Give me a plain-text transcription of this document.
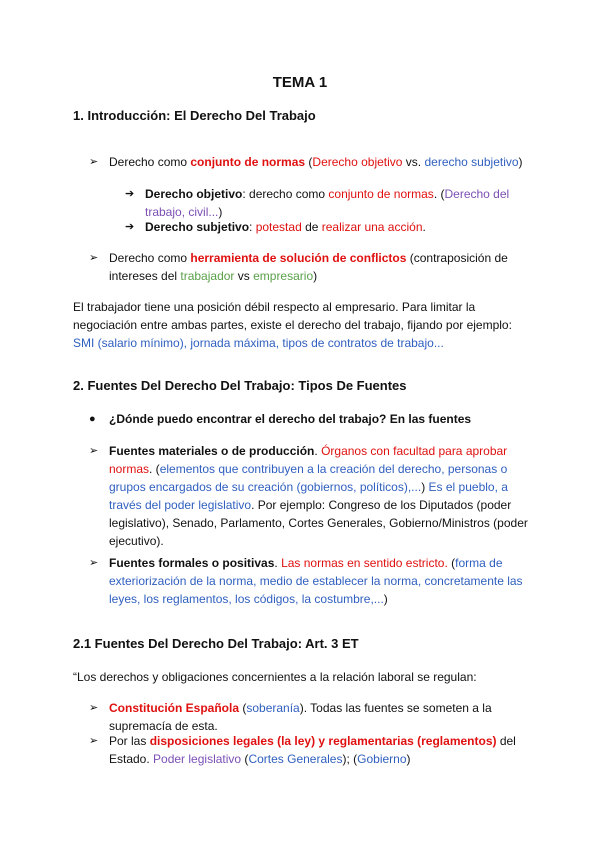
TEMA 1
1. Introducción: El Derecho Del Trabajo
➢ Derecho como conjunto de normas (Derecho objetivo vs. derecho subjetivo)
➔ Derecho objetivo: derecho como conjunto de normas. (Derecho del trabajo, civil...)
➔ Derecho subjetivo: potestad de realizar una acción.
➢ Derecho como herramienta de solución de conflictos (contraposición de intereses del trabajador vs empresario)
El trabajador tiene una posición débil respecto al empresario. Para limitar la negociación entre ambas partes, existe el derecho del trabajo, fijando por ejemplo: SMI (salario mínimo), jornada máxima, tipos de contratos de trabajo...
2. Fuentes Del Derecho Del Trabajo: Tipos De Fuentes
● ¿Dónde puedo encontrar el derecho del trabajo? En las fuentes
➢ Fuentes materiales o de producción. Órganos con facultad para aprobar normas. (elementos que contribuyen a la creación del derecho, personas o grupos encargados de su creación (gobiernos, políticos),...) Es el pueblo, a través del poder legislativo. Por ejemplo: Congreso de los Diputados (poder legislativo), Senado, Parlamento, Cortes Generales, Gobierno/Ministros (poder ejecutivo).
➢ Fuentes formales o positivas. Las normas en sentido estricto. (forma de exteriorización de la norma, medio de establecer la norma, concretamente las leyes, los reglamentos, los códigos, la costumbre,...)
2.1 Fuentes Del Derecho Del Trabajo: Art. 3 ET
“Los derechos y obligaciones concernientes a la relación laboral se regulan:
➢ Constitución Española (soberanía). Todas las fuentes se someten a la supremacía de esta.
➢ Por las disposiciones legales (la ley) y reglamentarias (reglamentos) del Estado. Poder legislativo (Cortes Generales); (Gobierno)
